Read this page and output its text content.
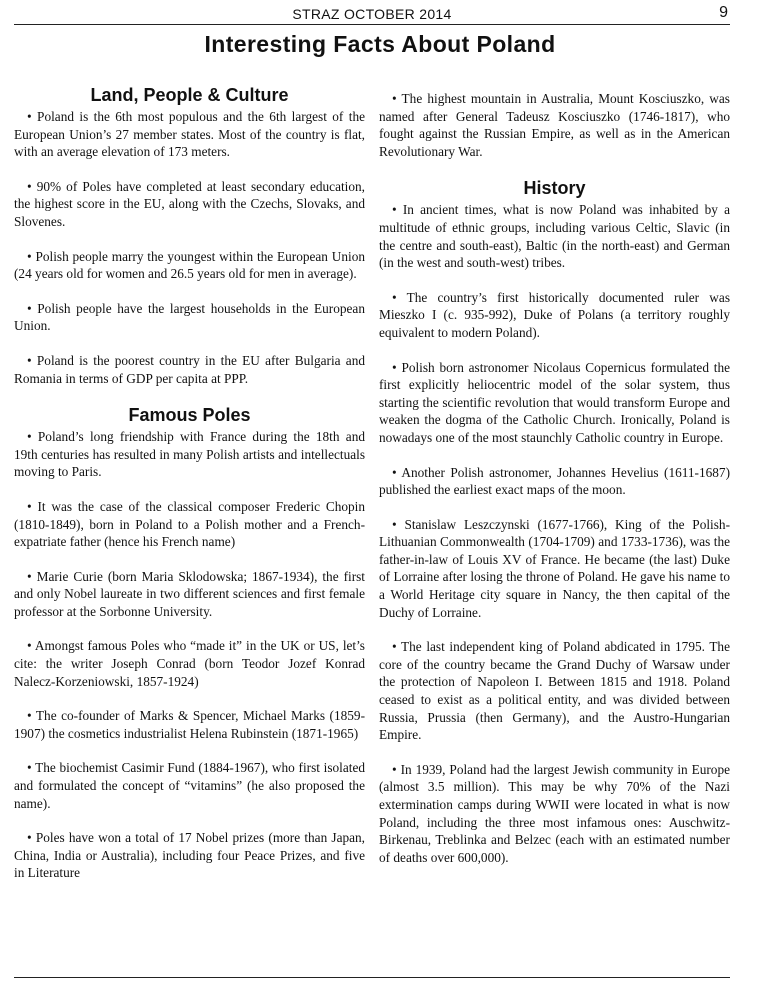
STRAZ OCTOBER 2014	9
Interesting Facts About Poland
Land, People & Culture

• Poland is the 6th most populous and the 6th largest of the European Union’s 27 member states. Most of the country is flat, with an average elevation of 173 meters.

• 90% of Poles have completed at least secondary education, the highest score in the EU, along with the Czechs, Slovaks, and Slovenes.

• Polish people marry the youngest within the European Union (24 years old for women and 26.5 years old for men in average).

• Polish people have the largest households in the European Union.

• Poland is the poorest country in the EU after Bulgaria and Romania in terms of GDP per capita at PPP.

Famous Poles

• Poland’s long friendship with France during the 18th and 19th centuries has resulted in many Polish artists and intellectuals moving to Paris.

• It was the case of the classical composer Frederic Chopin (1810-1849), born in Poland to a Polish mother and a French-expatriate father (hence his French name)

• Marie Curie (born Maria Sklodowska; 1867-1934), the first and only Nobel laureate in two different sciences and first female professor at the Sorbonne University.

• Amongst famous Poles who “made it” in the UK or US, let’s cite: the writer Joseph Conrad (born Teodor Jozef Konrad Nalecz-Korzeniowski, 1857-1924)

• The co-founder of Marks & Spencer, Michael Marks (1859-1907) the cosmetics industrialist Helena Rubinstein (1871-1965)

• The biochemist Casimir Fund (1884-1967), who first isolated and formulated the concept of “vitamins” (he also proposed the name).

• Poles have won a total of 17 Nobel prizes (more than Japan, China, India or Australia), including four Peace Prizes, and five in Literature

• The highest mountain in Australia, Mount Kosciuszko, was named after General Tadeusz Kosciuszko (1746-1817), who fought against the Russian Empire, as well as in the American Revolutionary War.

History

• In ancient times, what is now Poland was inhabited by a multitude of ethnic groups, including various Celtic, Slavic (in the centre and south-east), Baltic (in the north-east) and German (in the west and south-west) tribes.

• The country’s first historically documented ruler was Mieszko I (c. 935-992), Duke of Polans (a territory roughly equivalent to modern Poland).

• Polish born astronomer Nicolaus Copernicus formulated the first explicitly heliocentric model of the solar system, thus starting the scientific revolution that would transform Europe and weaken the dogma of the Catholic Church. Ironically, Poland is nowadays one of the most staunchly Catholic country in Europe.

• Another Polish astronomer, Johannes Hevelius (1611-1687) published the earliest exact maps of the moon.

• Stanislaw Leszczynski (1677-1766), King of the Polish-Lithuanian Commonwealth (1704-1709) and 1733-1736), was the father-in-law of Louis XV of France. He became (the last) Duke of Lorraine after losing the throne of Poland. He gave his name to a World Heritage city square in Nancy, the then capital of the Duchy of Lorraine.

• The last independent king of Poland abdicated in 1795. The core of the country became the Grand Duchy of Warsaw under the protection of Napoleon I. Between 1815 and 1918. Poland ceased to exist as a political entity, and was divided between Russia, Prussia (then Germany), and the Austro-Hungarian Empire.

• In 1939, Poland had the largest Jewish community in Europe (almost 3.5 million). This may be why 70% of the Nazi extermination camps during WWII were located in what is now Poland, including the three most infamous ones: Auschwitz-Birkenau, Treblinka and Belzec (each with an estimated number of deaths over 600,000).
